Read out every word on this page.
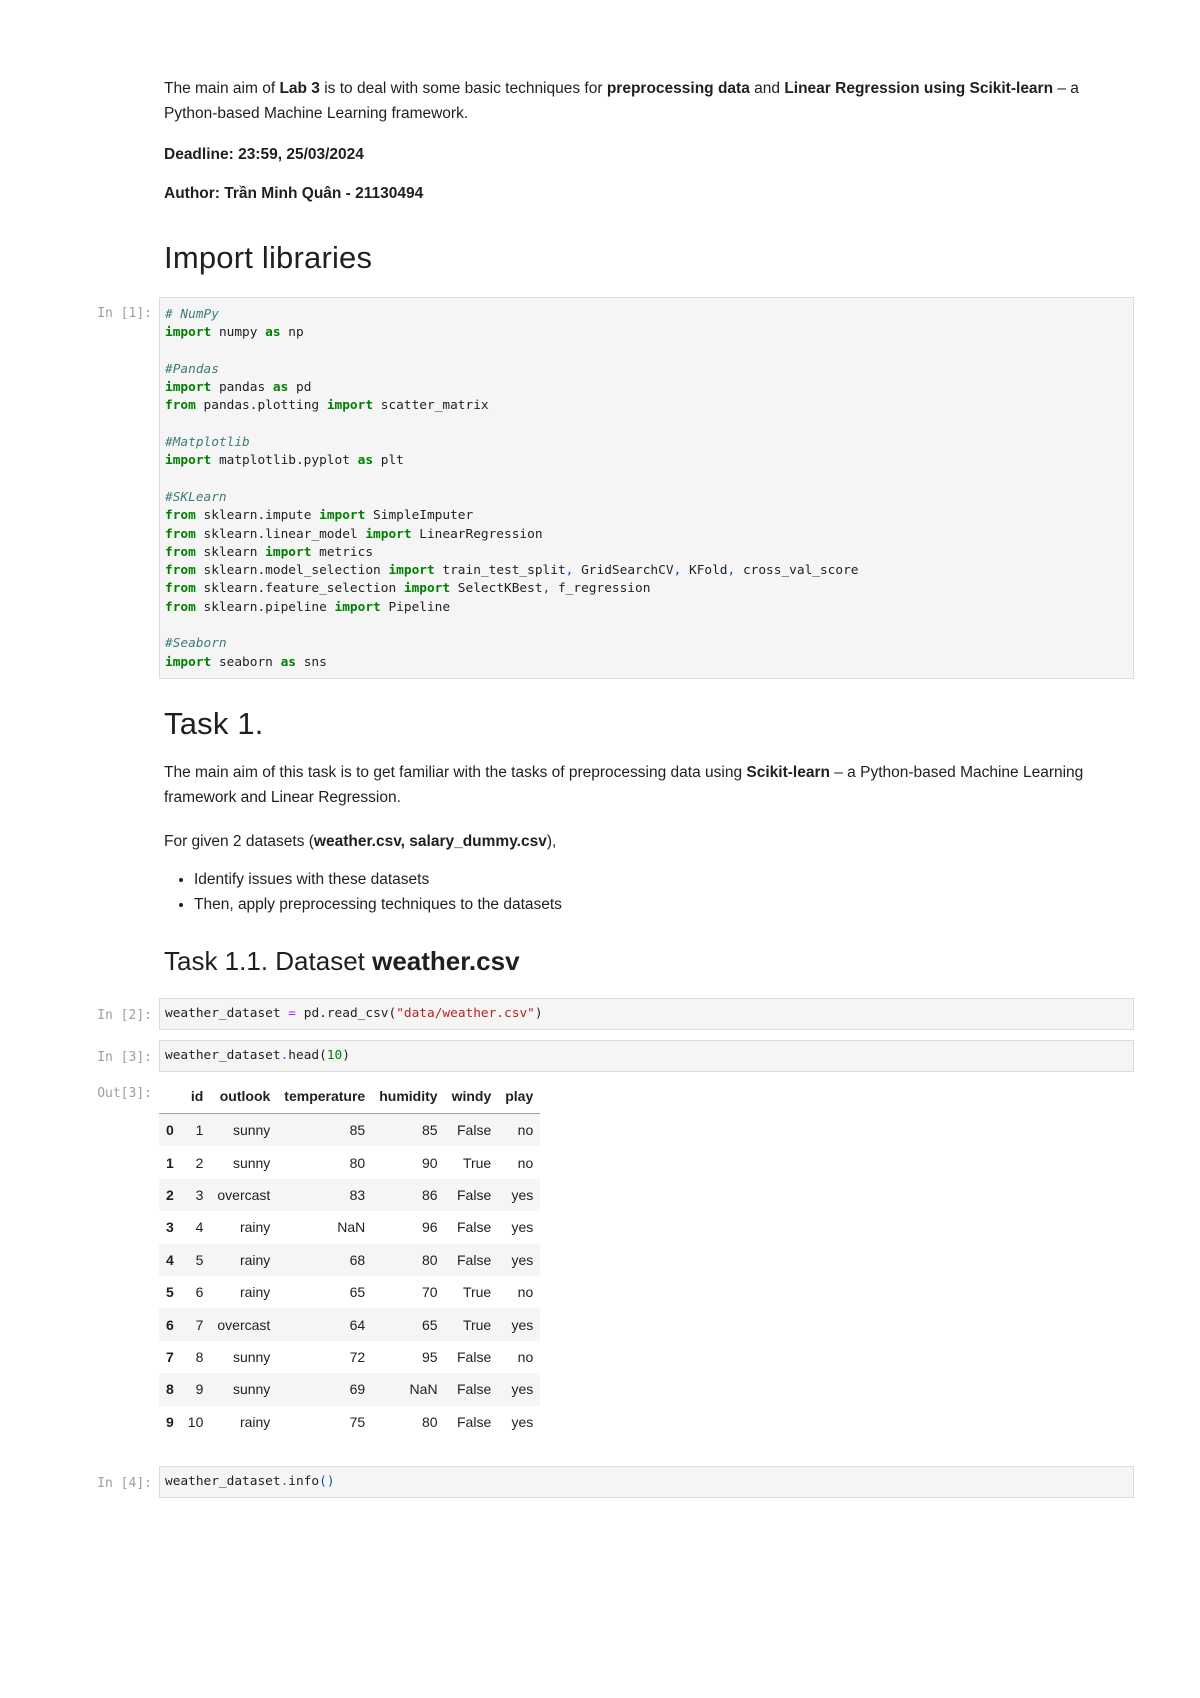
The main aim of Lab 3 is to deal with some basic techniques for preprocessing data and Linear Regression using Scikit-learn – a Python-based Machine Learning framework.

Deadline: 23:59, 25/03/2024

Author: Trần Minh Quân - 21130494

Import libraries
In [1]:	# NumPy
import numpy as np

#Pandas
import pandas as pd
from pandas.plotting import scatter_matrix

#Matplotlib
import matplotlib.pyplot as plt

#SKLearn
from sklearn.impute import SimpleImputer
from sklearn.linear_model import LinearRegression
from sklearn import metrics
from sklearn.model_selection import train_test_split, GridSearchCV, KFold, cross_val_score
from sklearn.feature_selection import SelectKBest, f_regression
from sklearn.pipeline import Pipeline

#Seaborn
import seaborn as sns
Task 1.

The main aim of this task is to get familiar with the tasks of preprocessing data using Scikit-learn – a Python-based Machine Learning framework and Linear Regression.

For given 2 datasets (weather.csv, salary_dummy.csv),

• Identify issues with these datasets
• Then, apply preprocessing techniques to the datasets
Task 1.1. Dataset weather.csv
In [2]:	weather_dataset = pd.read_csv("data/weather.csv")
In [3]:	weather_dataset.head(10)
Out[3]:
		id	outlook	temperature	humidity	windy	play
0	1	sunny	85	85	False	no
1	2	sunny	80	90	True	no
2	3	overcast	83	86	False	yes
3	4	rainy	NaN	96	False	yes
4	5	rainy	68	80	False	yes
5	6	rainy	65	70	True	no
6	7	overcast	64	65	True	yes
7	8	sunny	72	95	False	no
8	9	sunny	69	NaN	False	yes
9	10	rainy	75	80	False	yes
In [4]:	weather_dataset.info()
